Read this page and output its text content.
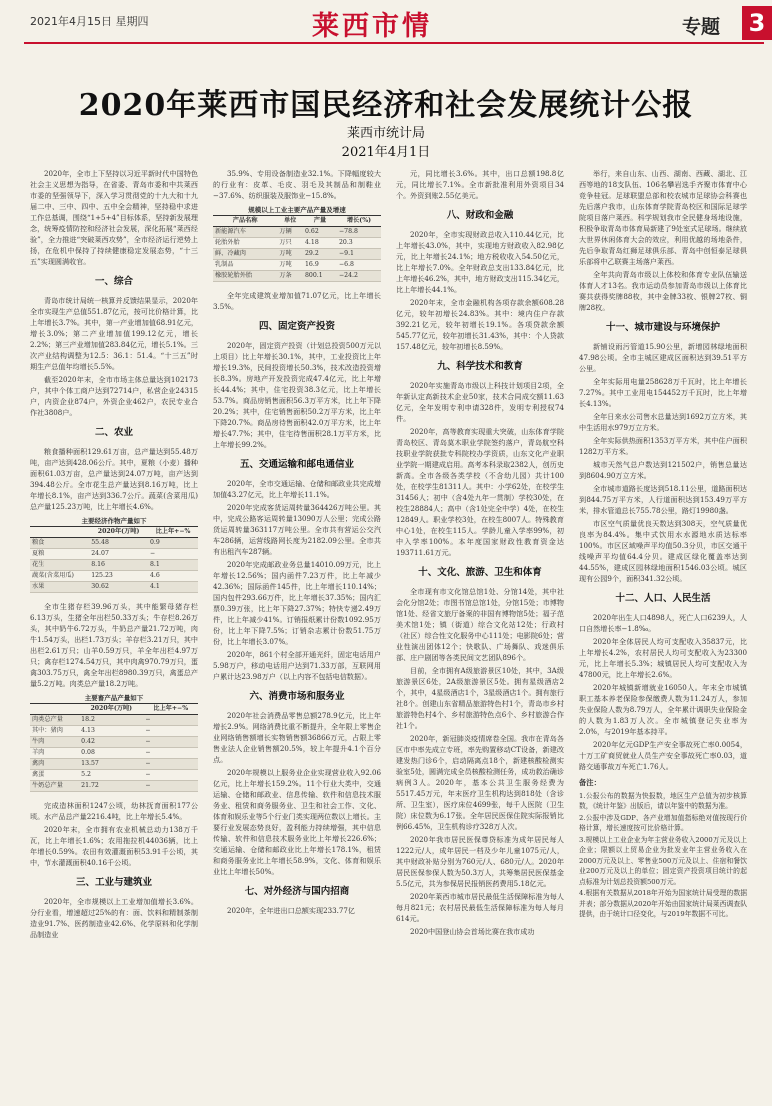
2021年4月15日 星期四	莱西市情	专题 3
2020年莱西市国民经济和社会发展统计公报
莱西市统计局
2021年4月1日

2020年，全市上下坚持以习近平新时代中国特色社会主义思想为指导，在省委、青岛市委和中共莱西市委的坚强领导下，深入学习贯彻党的十九大和十九届二中、三中、四中、五中全会精神，坚持稳中求进工作总基调，围绕“1+5+4”目标体系，坚持新发展理念，统筹疫情防控和经济社会发展，深化拓展“莱西经验”，全力推进“突破莱西攻势”，全市经济运行逆势上扬，在危机中保持了持续健康稳定发展态势，“十三五”实现圆满收官。

一、综合

青岛市统计局统一核算并反馈结果显示，2020年全市实现生产总值551.87亿元，按可比价格计算，比上年增长3.7%。其中，第一产业增加值68.91亿元，增长3.0%；第二产业增加值199.12亿元，增长2.2%；第三产业增加值283.84亿元，增长5.1%。三次产业结构调整为12.5：36.1：51.4。“十三五”时期生产总值年均增长5.5%。

截至2020年末，全市市场主体总量达到102173户，其中个体工商户达到72714户，私营企业24315户，内资企业874户，外资企业462户，农民专业合作社3808户。

二、农业

粮食播种面积129.61万亩，总产量达到55.48万吨，亩产达到428.06公斤。其中，夏粮（小麦）播种面积61.03万亩，总产量达到24.07万吨，亩产达到394.48公斤。全市花生总产量达到8.16万吨，比上年增长8.1%，亩产达到336.7公斤。蔬菜(含菜用瓜)总产量125.23万吨，比上年增长4.6%。

主要经济作物产量如下
	2020年(万吨)	比上年+−%
粮食	55.48	0.9
夏粮	24.07	−
花生	8.16	8.1
蔬菜(含菜用瓜)	125.23	4.6
水果	30.62	4.1

全市生猪存栏39.96万头，其中能繁母猪存栏6.13万头，生猪全年出栏50.33万头；牛存栏8.26万头，其中奶牛6.72万头，牛奶总产量21.72万吨，肉牛1.54万头，出栏1.73万头；羊存栏3.21万只，其中出栏2.61万只；山羊0.59万只，羊全年出栏4.97万只；禽存栏1274.54万只，其中肉禽970.79万只，蛋禽303.75万只，禽全年出栏8980.39万只，禽蛋总产量5.2万吨。肉类总产量18.2万吨。

主要畜产品产量如下
	2020年(万吨)	比上年+−%
肉类总产量	18.2	−
其中：猪肉	4.13	−
牛肉	0.42	−
羊肉	0.08	−
禽肉	13.57	−
禽蛋	5.2	−
牛奶总产量	21.72	−

完成造林面积1247公顷，幼林抚育面积177公顷。水产品总产量2216.4吨，比上年增长5.4%。

2020年末，全市拥有农业机械总动力138万千瓦，比上年增长1.6%；农用拖拉机44036辆，比上年增长0.59%。农田有效灌溉面积53.91千公顷，其中，节水灌溉面积40.16千公顷。

三、工业与建筑业

2020年，全市规模以上工业增加值增长3.6%。分行业看，增速超过25%的有：面、饮料和精制茶制造业91.7%、医药制造业42.6%、化学原料和化学制品制造业

35.9%、专用设备制造业32.1%。下降幅度较大的行业有：皮革、毛皮、羽毛及其制品和制鞋业−37.6%、纺织服装及服饰业−15.8%。

规模以上工业主要产品产量及增速
产品名称	单位	产量	增长(%)
新能源汽车	万辆	0.62	−78.8
轮胎外胎	万只	4.18	20.3
鲜、冷藏肉	万吨	29.2	−9.1
乳制品	万吨	16.9	−6.8
橡胶轮胎外胎	万条	800.1	−24.2

全年完成建筑业增加值71.07亿元，比上年增长3.5%。

四、固定资产投资

2020年，固定资产投资（计划总投资500万元以上项目）比上年增长30.1%，其中，工业投资比上年增长19.3%，民间投资增长50.3%，技术改造投资增长8.3%。房地产开发投资完成47.4亿元，比上年增长44.4%；其中，住宅投资38.3亿元，比上年增长53.7%。商品房销售面积56.3万平方米，比上年下降20.2%；其中，住宅销售面积50.2万平方米，比上年下降20.7%。商品房待售面积42.0万平方米，比上年增长47.7%；其中，住宅待售面积28.1万平方米，比上年增长99.2%。

五、交通运输和邮电通信业

2020年，全市交通运输、仓储和邮政业共完成增加值43.27亿元，比上年增长11.1%。

2020年完成客货运周转量364426万吨公里。其中，完成公路客运周转量13090万人公里；完成公路货运周转量363117万吨公里。全市共有营运公交汽车286辆，运营线路网长度为2182.09公里。全市共有出租汽车287辆。

2020年完成邮政业务总量14010.09万元，比上年增长12.56%；国内函件7.23万件，比上年减少42.36%；国际函件145件，比上年增长110.14%；国内包件293.66万件，比上年增长37.35%；国内汇票0.39万张，比上年下降27.37%；特快专递2.49万件，比上年减少41%。订销报纸累计份数1092.95万份，比上年下降7.5%；订销杂志累计份数51.75万份，比上年增长3.07%。

2020年，861个村全部开通光纤，固定电话用户5.98万户，移动电话用户达到71.33万部，互联网用户累计达23.98万户（以上内容不包括电信数据）。

六、消费市场和服务业

2020年社会消费品零售总额278.9亿元，比上年增长2.9%。网络消费比重不断提升，全年限上零售企业网络销售额增长实物销售额36866万元，占限上零售业法人企业销售额20.5%，较上年提升4.1个百分点。

2020年规模以上服务业企业实现营业收入92.06亿元，比上年增长159.2%。11个行业大类中，交通运输、仓储和邮政业、信息传输、软件和信息技术服务业、租赁和商务服务业、卫生和社会工作、文化、体育和娱乐业等5个行业门类实现两位数以上增长。主要行业发展态势良好，盈利能力持续增强，其中信息传输、软件和信息技术服务业比上年增长226.6%；交通运输、仓储和邮政业比上年增长178.1%，租赁和商务服务业比上年增长58.9%，文化、体育和娱乐业比上年增长50%。

七、对外经济与国内招商

2020年，全年进出口总额实现233.77亿

元，同比增长3.6%。其中，出口总额198.8亿元，同比增长7.1%。全市新批准利用外资项目34个。外资到账2.55亿美元。

八、财政和金融

2020年，全市实现财政总收入110.44亿元，比上年增长43.0%，其中，实现地方财政收入82.98亿元，比上年增长24.1%；地方税收收入54.50亿元，比上年增长7.0%。全年财政总支出133.84亿元，比上年增长46.2%，其中，地方财政支出115.34亿元，比上年增长44.1%。

2020年末，全市金融机构各项存款余额608.28亿元，较年初增长24.83%。其中：境内住户存款392.21亿元，较年初增长19.1%。各项贷款余额545.77亿元，较年初增长31.43%，其中：个人贷款157.48亿元，较年初增长8.59%。

九、科学技术和教育

2020年实施青岛市级以上科技计划项目2项，全年新认定高新技术企业50家，技术合同成交额11.63亿元，全年发明专利申请328件，发明专利授权74件。

2020年，高等教育实现重大突破，山东体育学院青岛校区、青岛莫木职业学院签约落户，青岛航空科技职业学院获批专科院校办学资质，山东文化产业职业学院一期建成启用。高考本科录取2382人，创历史新高。全市各级各类学校（不含幼儿园）共计100处，在校学生81311人。其中：小学62处，在校学生31456人；初中（含4处九年一贯制）学校30处，在校生28884人；高中（含1处完全中学）4处，在校生12849人。职业学校3处，在校生8007人。特殊教育中心1处，在校生115人。学龄儿童入学率99%，初中入学率100%。本年度国家财政性教育资金达193711.61万元。

十、文化、旅游、卫生和体育

全市现有市文化馆总馆1处、分馆14处，其中社会化分馆2处；市图书馆总馆1处，分馆15处；市博物馆1处、经省文旅厅备案的非国有博物馆5处；福子范美术馆1处；镇（街道）综合文化站12处；行政村（社区）综合性文化服务中心111处；电影院6处；营业性演出团体12个；快歌队、广场舞队、戏迷俱乐部、庄户剧团等各类民间文艺团队896个。

目前，全市拥有A级旅游景区10处，其中，3A级旅游景区6处，2A级旅游景区5处。拥有星级酒店2个，其中，4星级酒店1个，3星级酒店1个。拥有旅行社8个。创建山东省精品旅游特色村1个，青岛市乡村旅游特色村4个、乡村旅游特色点6个、乡村旅游合作社1个。

2020年，新冠肺炎疫情席卷全国。我市在青岛各区市中率先成立专班，率先购置移动CT设备，新建改建发热门诊6个，启动隔离点18个，新建核酸检测实验室5处，圆满完成全员核酸检测任务，成功救治确诊病例3人。2020年，基本公共卫生服务经费为5517.45万元，年末医疗卫生机构达到818处（含诊所、卫生室），医疗床位4699张，每千人医院（卫生院）床位数为6.17张。全年居民医保住院实际报销比例66.45%，卫生机构诊疗328万人次。

2020年我市居民医保尊贷标准为成年居民每人1222元/人，成年居民一档及少年儿童1075元/人，其中财政补贴分别为760元/人、680元/人。2020年居民医保参保人数为50.3万人，共筹集居民医保基金5.5亿元，共为参保居民报销医药费用5.18亿元。

2020年莱西市城市居民最低生活保障标准为每人每月821元；农村居民最低生活保障标准为每人每月614元。

2020中国登山协会首场比赛在我市成功

举行，来自山东、山西、湖南、西藏、湖北、江西等地的18支队伍、106名攀岩选手齐聚市体育中心竞争桂冠。足球联盟总部和校农城市足球协会科赛也先后落户我市，山东体育学院青岛校区和国际足球学院项目落户莱西。科学规划我市全民健身场地设施，积极争取青岛市体育局新建了9处室式足球场。继续放大世界休闲体育大会的效应，利用优越的场地条件，先后争取青岛红狮足球俱乐部、青岛中创恒泰足球俱乐部将中乙联赛主场落户莱西。

全年共向青岛市级以上体校和体育专业队伍输送体育人才13名。我市运动员参加青岛市级以上体育比赛共获得奖牌88枚，其中金牌33枚、银牌27枚、铜牌28枚。

十一、城市建设与环境保护

新铺设雨污管道15.90公里，新增园林绿地面积47.98公顷。全市主城区建成区面积达到39.51平方公里。

全年实际用电量258628万千瓦时，比上年增长7.27%。其中工业用电154452万千瓦时，比上年增长4.13%。

全年日来水公司售水总量达到1692万立方米，其中生活用水979万立方米。

全年实际供热面积1353万平方米，其中住户面积1282万平方米。

城市天然气总户数达到121502户，销售总量达到8604.90万立方米。

全市城市道路长度达到518.11公里，道路面积达到844.75万平方米，人行道面积达到153.49万平方米，排水管道总长755.78公里，路灯19980盏。

市区空气质量优良天数达到308天，空气质量优良率为84.4%。集中式饮用水水源地水质达标率100%。市区区域噪声平均值50.3分贝，市区交通干线噪声平均值64.4分贝。建成区绿化覆盖率达到44.55%，建成区园林绿地面积1546.03公顷。城区现有公园9个，面积341.32公顷。

十二、人口、人民生活

2020年出生人口4898人，死亡人口6239人，人口自然增长率−1.8‰。

2020年全体居民人均可支配收入35837元，比上年增长4.2%，农村居民人均可支配收入为23300元，比上年增长5.3%；城镇居民人均可支配收入为47800元，比上年增长2.6%。

2020年城镇新增就业16050人。年末全市城镇职工基本养老保险参保缴费人数为11.24万人，参加失业保险人数为8.79万人，全年累计调职失业保险金的人数为1.83万人次。全市城镇登记失业率为2.0%，与2019年基本持平。

2020年亿元GDP生产安全事故死亡率0.0054，十万工矿商贸就业人员生产安全事故死亡率0.03，道路交通事故万车死亡1.76人。

备注：

1.公报公布的数据为快报数，地区生产总值为初步核算数，《统计年鉴》出版后，请以年鉴中的数据为准。

2.公报中涉及GDP、各产业增加值指标绝对值按现行价格计算，增长速度按可比价格计算。

3.规模以上工业企业为年主营业务收入2000万元及以上企业；限额以上贸易企业为批发业年主营业务收入在2000万元及以上、零售业500万元及以上、住宿和餐饮业200万元及以上的单位；固定资产投资项目统计的起点标准为计划总投资额500万元。

4.根据有关数据从2018年开始为国家统计局受理的数据并表；部分数据从2020年开始由国家统计局莱西调查队提供，由于统计口径变化，与2019年数据不可比。
